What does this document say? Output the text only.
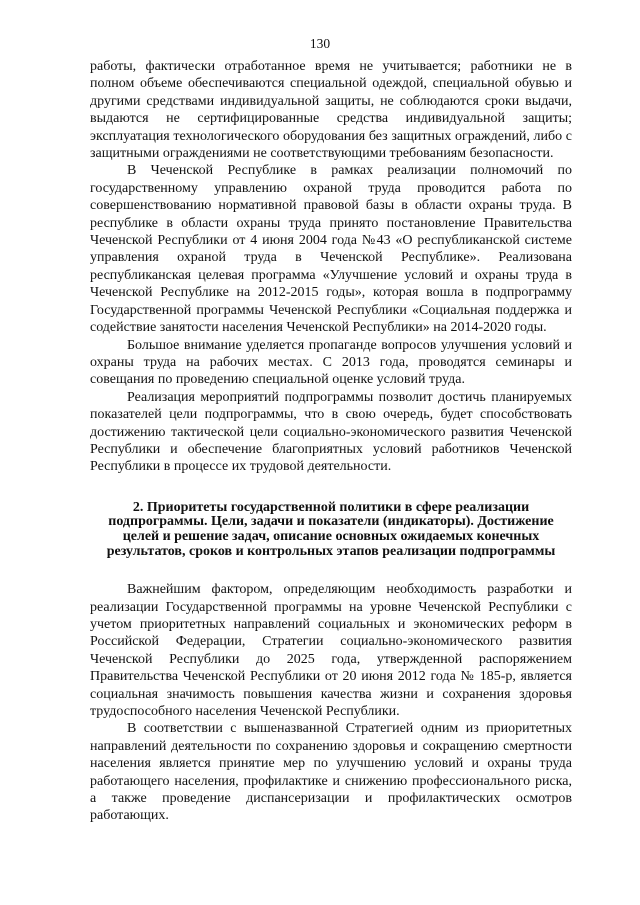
130

работы, фактически отработанное время не учитывается; работники не в полном объеме обеспечиваются специальной одеждой, специальной обувью и другими средствами индивидуальной защиты, не соблюдаются сроки выдачи, выдаются не сертифицированные средства индивидуальной защиты; эксплуатация технологического оборудования без защитных ограждений, либо с защитными ограждениями не соответствующими требованиям безопасности.

В Чеченской Республике в рамках реализации полномочий по государственному управлению охраной труда проводится работа по совершенствованию нормативной правовой базы в области охраны труда. В республике в области охраны труда принято постановление Правительства Чеченской Республики от 4 июня 2004 года №43 «О республиканской системе управления охраной труда в Чеченской Республике». Реализована республиканская целевая программа «Улучшение условий и охраны труда в Чеченской Республике на 2012-2015 годы», которая вошла в подпрограмму Государственной программы Чеченской Республики «Социальная поддержка и содействие занятости населения Чеченской Республики» на 2014-2020 годы.

Большое внимание уделяется пропаганде вопросов улучшения условий и охраны труда на рабочих местах. С 2013 года, проводятся семинары и совещания по проведению специальной оценке условий труда.

Реализация мероприятий подпрограммы позволит достичь планируемых показателей цели подпрограммы, что в свою очередь, будет способствовать достижению тактической цели социально-экономического развития Чеченской Республики и обеспечение благоприятных условий работников Чеченской Республики в процессе их трудовой деятельности.

2. Приоритеты государственной политики в сфере реализации подпрограммы. Цели, задачи и показатели (индикаторы). Достижение целей и решение задач, описание основных ожидаемых конечных результатов, сроков и контрольных этапов реализации подпрограммы

Важнейшим фактором, определяющим необходимость разработки и реализации Государственной программы на уровне Чеченской Республики с учетом приоритетных направлений социальных и экономических реформ в Российской Федерации, Стратегии социально-экономического развития Чеченской Республики до 2025 года, утвержденной распоряжением Правительства Чеченской Республики от 20 июня 2012 года № 185-р, является социальная значимость повышения качества жизни и сохранения здоровья трудоспособного населения Чеченской Республики.

В соответствии с вышеназванной Стратегией одним из приоритетных направлений деятельности по сохранению здоровья и сокращению смертности населения является принятие мер по улучшению условий и охраны труда работающего населения, профилактике и снижению профессионального риска, а также проведение диспансеризации и профилактических осмотров работающих.
